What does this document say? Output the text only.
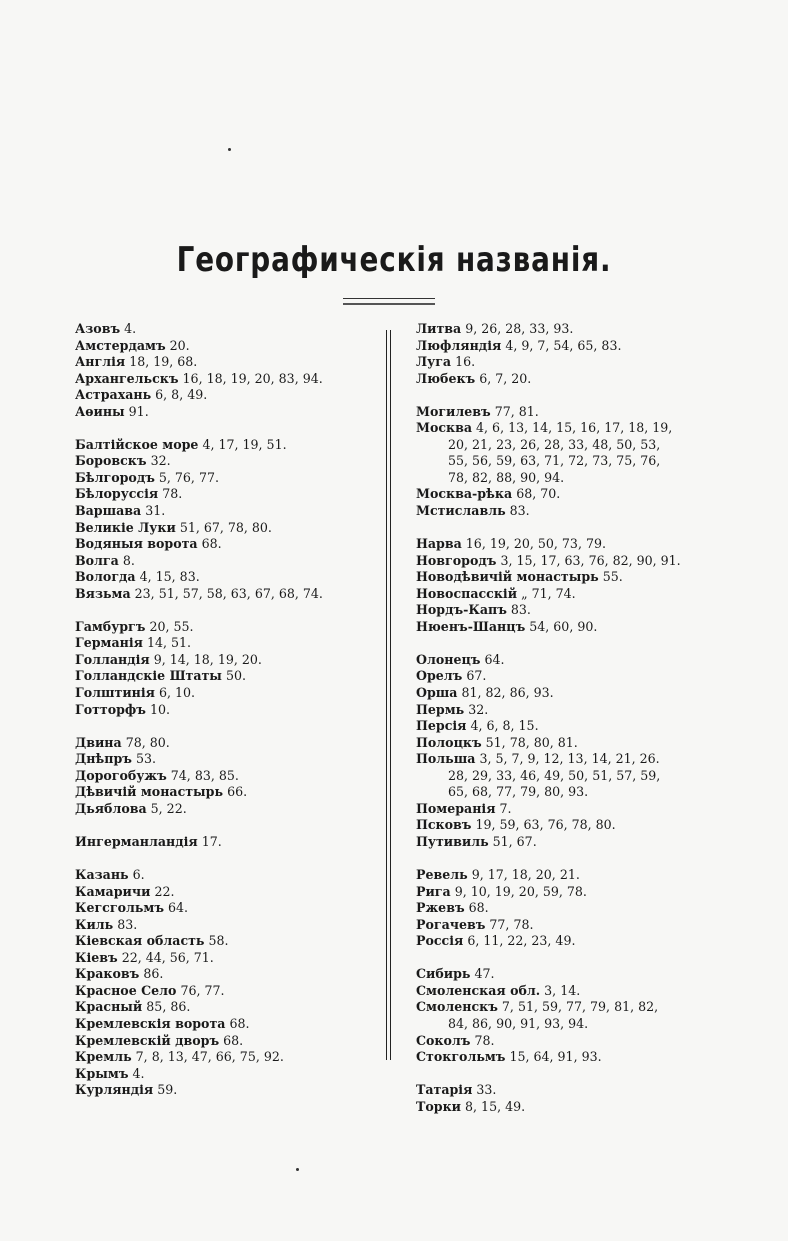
Географическія названія.
Азовъ 4.
Амстердамъ 20.
Англія 18, 19, 68.
Архангельскъ 16, 18, 19, 20, 83, 94.
Астрахань 6, 8, 49.
Аѳины 91.
Балтійское море 4, 17, 19, 51.
Боровскъ 32.
Бѣлгородъ 5, 76, 77.
Бѣлоруссія 78.
Варшава 31.
Великіе Луки 51, 67, 78, 80.
Водяныя ворота 68.
Волга 8.
Вологда 4, 15, 83.
Вязьма 23, 51, 57, 58, 63, 67, 68, 74.
Гамбургъ 20, 55.
Германія 14, 51.
Голландія 9, 14, 18, 19, 20.
Голландскіе Штаты 50.
Голштинія 6, 10.
Готторфъ 10.
Двина 78, 80.
Днѣпръ 53.
Дорогобужъ 74, 83, 85.
Дѣвичій монастырь 66.
Дьяблова 5, 22.
Ингерманландія 17.
Казань 6.
Камаричи 22.
Кегсгольмъ 64.
Киль 83.
Кіевская область 58.
Кіевъ 22, 44, 56, 71.
Краковъ 86.
Красное Село 76, 77.
Красный 85, 86.
Кремлевскія ворота 68.
Кремлевскій дворъ 68.
Кремль 7, 8, 13, 47, 66, 75, 92.
Крымъ 4.
Курляндія 59.
Литва 9, 26, 28, 33, 93.
Люфляндія 4, 9, 7, 54, 65, 83.
Луга 16.
Любекъ 6, 7, 20.
Могилевъ 77, 81.
Москва 4, 6, 13, 14, 15, 16, 17, 18, 19,
20, 21, 23, 26, 28, 33, 48, 50, 53,
55, 56, 59, 63, 71, 72, 73, 75, 76,
78, 82, 88, 90, 94.
Москва-рѣка 68, 70.
Мстиславль 83.
Нарва 16, 19, 20, 50, 73, 79.
Новгородъ 3, 15, 17, 63, 76, 82, 90, 91.
Новодѣвичій монастырь 55.
Новоспасскій „ 71, 74.
Нордъ-Капъ 83.
Нюенъ-Шанцъ 54, 60, 90.
Олонецъ 64.
Орелъ 67.
Орша 81, 82, 86, 93.
Пермь 32.
Персія 4, 6, 8, 15.
Полоцкъ 51, 78, 80, 81.
Польша 3, 5, 7, 9, 12, 13, 14, 21, 26.
28, 29, 33, 46, 49, 50, 51, 57, 59,
65, 68, 77, 79, 80, 93.
Померанія 7.
Псковъ 19, 59, 63, 76, 78, 80.
Путивиль 51, 67.
Ревель 9, 17, 18, 20, 21.
Рига 9, 10, 19, 20, 59, 78.
Ржевъ 68.
Рогачевъ 77, 78.
Россія 6, 11, 22, 23, 49.
Сибирь 47.
Смоленская обл. 3, 14.
Смоленскъ 7, 51, 59, 77, 79, 81, 82,
84, 86, 90, 91, 93, 94.
Соколъ 78.
Стокгольмъ 15, 64, 91, 93.
Татарія 33.
Торки 8, 15, 49.
